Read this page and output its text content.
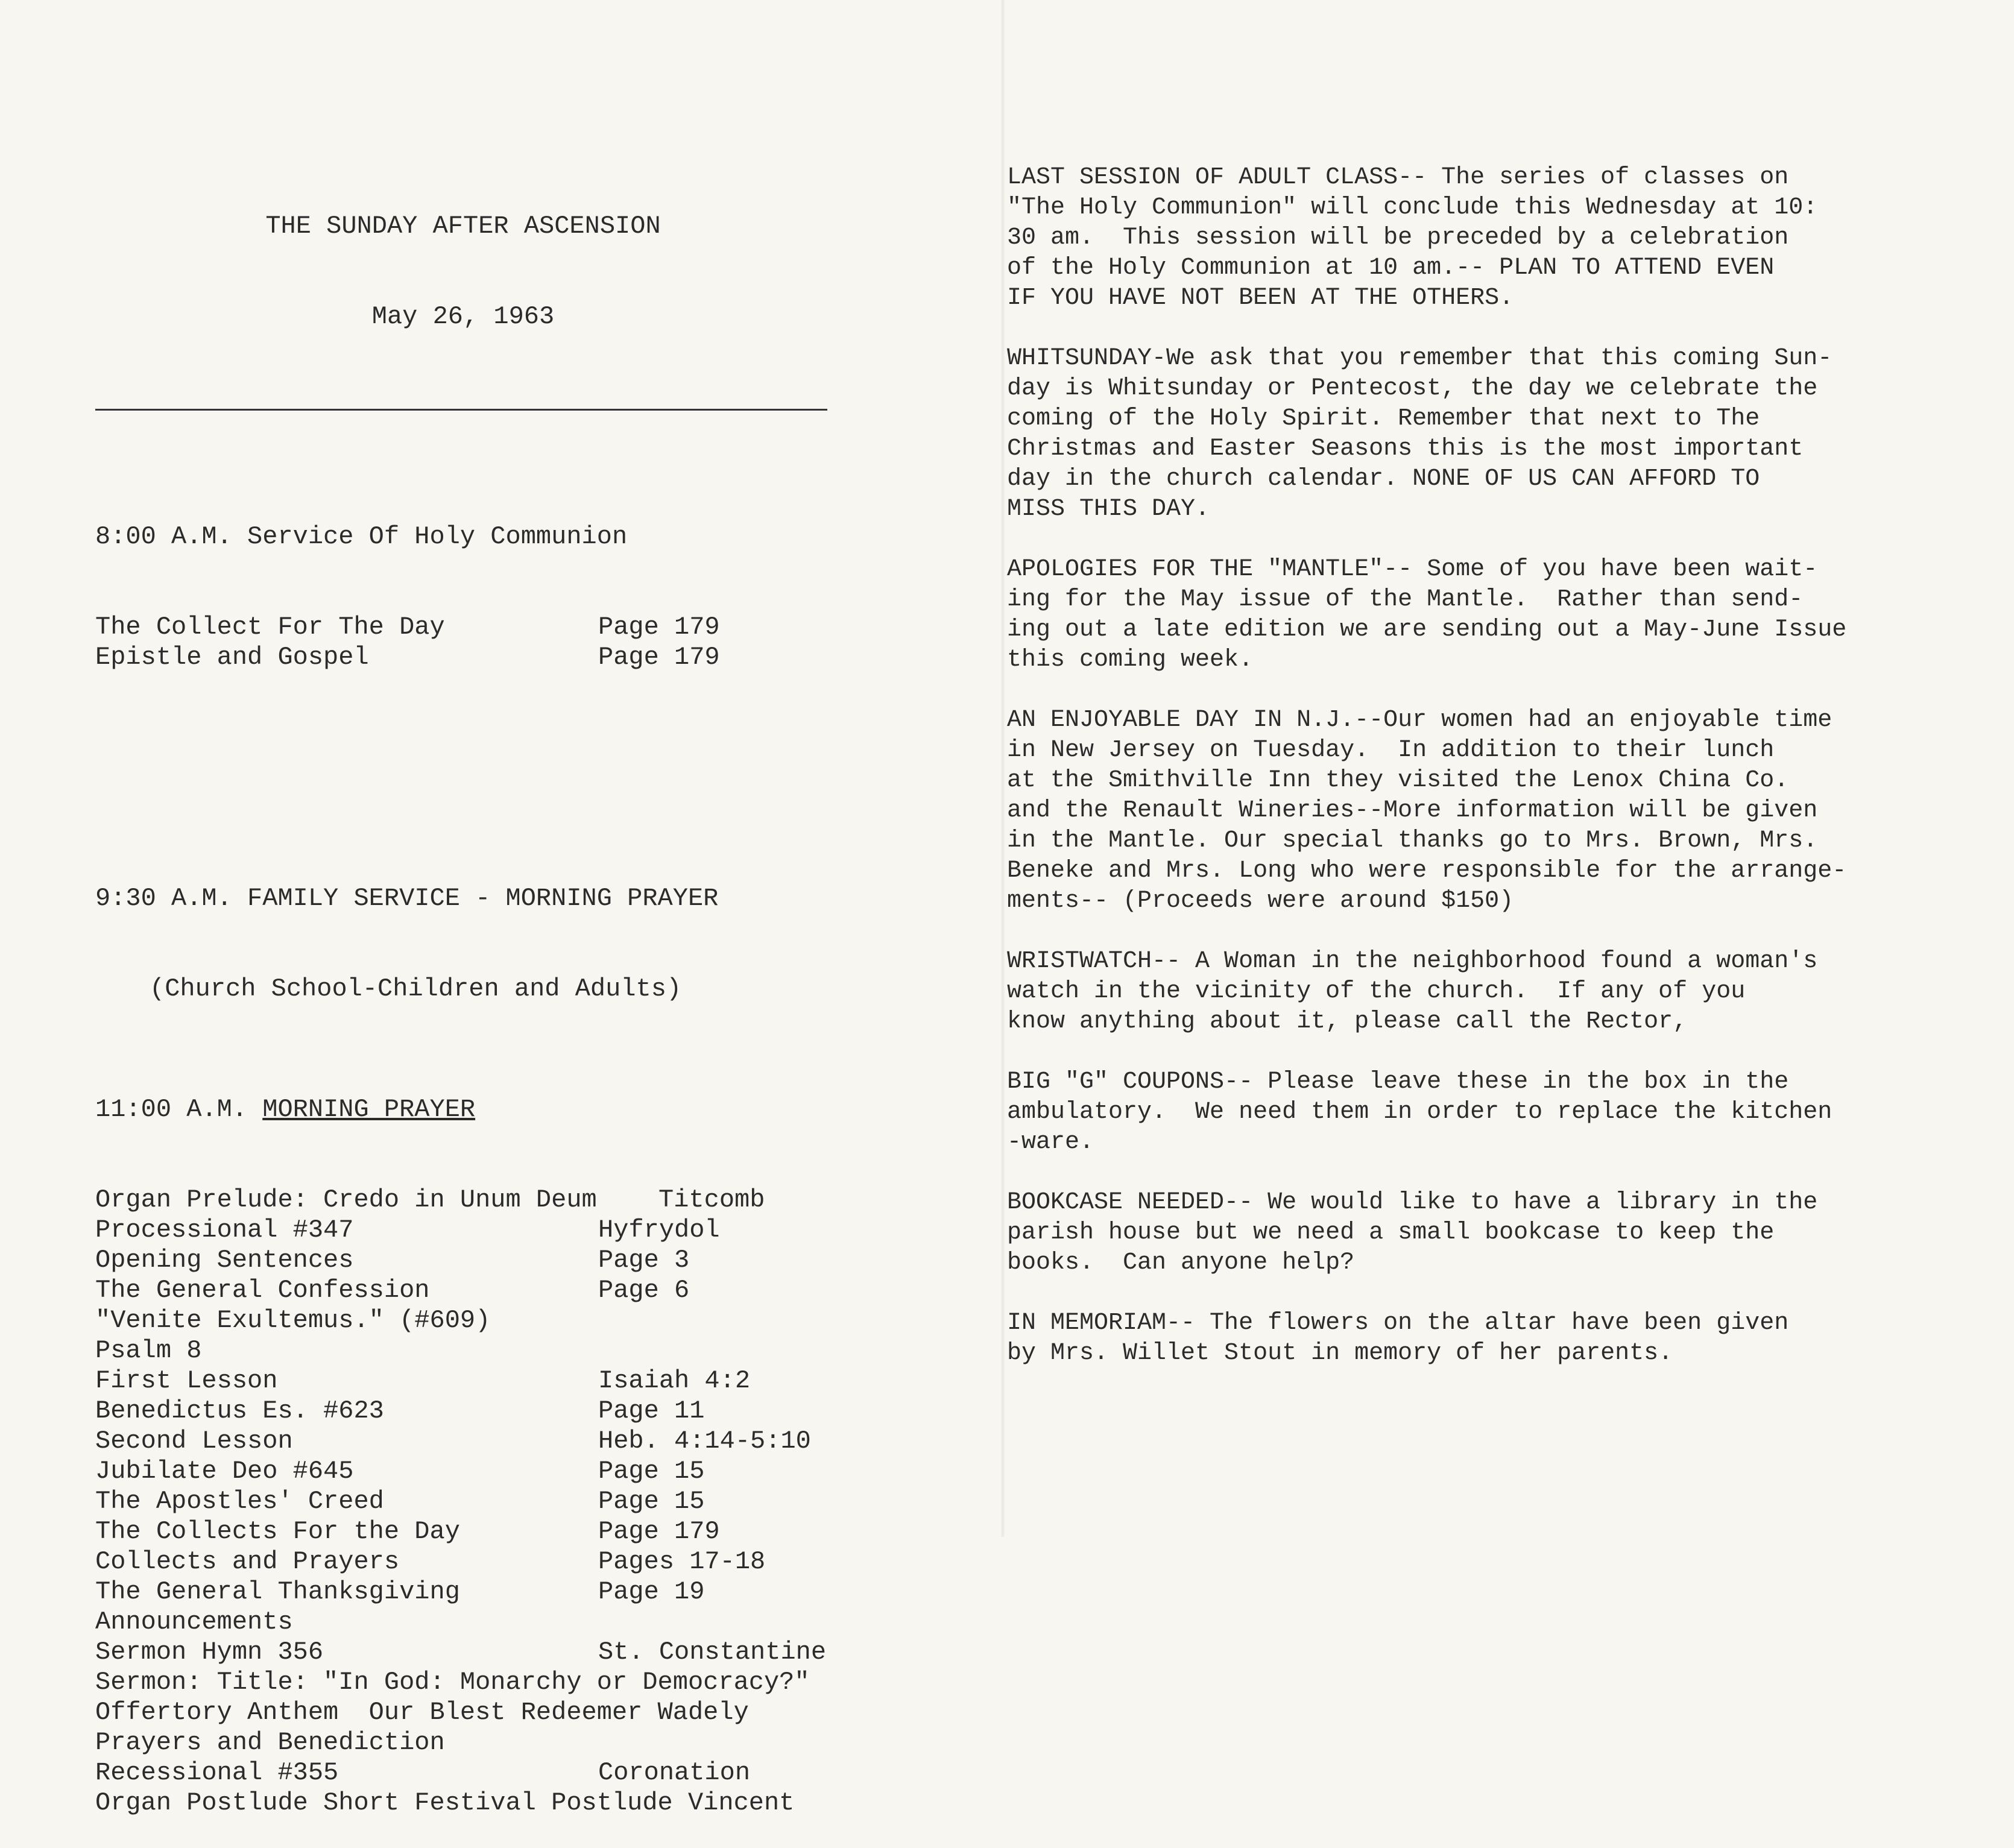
THE SUNDAY AFTER ASCENSION

May 26, 1963

8:00 A.M. Service Of Holy Communion

The Collect For The Day	Page 179
Epistle and Gospel	Page 179

9:30 A.M. FAMILY SERVICE - MORNING PRAYER

(Church School-Children and Adults)

11:00 A.M. MORNING PRAYER

Organ Prelude: Credo in Unum Deum	Titcomb
Processional #347	Hyfrydol
Opening Sentences	Page 3
The General Confession	Page 6
"Venite Exultemus." (#609)
Psalm 8
First Lesson	Isaiah 4:2
Benedictus Es. #623	Page 11
Second Lesson	Heb. 4:14-5:10
Jubilate Deo #645	Page 15
The Apostles' Creed	Page 15
The Collects For the Day	Page 179
Collects and Prayers	Pages 17-18
The General Thanksgiving	Page 19
Announcements
Sermon Hymn 356	St. Constantine
Sermon: Title: "In God: Monarchy or Democracy?"
Offertory Anthem  Our Blest Redeemer Wadely
Prayers and Benediction
Recessional #355	Coronation
Organ Postlude Short Festival Postlude Vincent

LAST SESSION OF ADULT CLASS-- The series of classes on
"The Holy Communion" will conclude this Wednesday at 10:
30 am.  This session will be preceded by a celebration
of the Holy Communion at 10 am.-- PLAN TO ATTEND EVEN
IF YOU HAVE NOT BEEN AT THE OTHERS.
WHITSUNDAY-We ask that you remember that this coming Sun-
day is Whitsunday or Pentecost, the day we celebrate the
coming of the Holy Spirit. Remember that next to The
Christmas and Easter Seasons this is the most important
day in the church calendar. NONE OF US CAN AFFORD TO
MISS THIS DAY.
APOLOGIES FOR THE "MANTLE"-- Some of you have been wait-
ing for the May issue of the Mantle.  Rather than send-
ing out a late edition we are sending out a May-June Issue
this coming week.
AN ENJOYABLE DAY IN N.J.--Our women had an enjoyable time
in New Jersey on Tuesday.  In addition to their lunch
at the Smithville Inn they visited the Lenox China Co.
and the Renault Wineries--More information will be given
in the Mantle. Our special thanks go to Mrs. Brown, Mrs.
Beneke and Mrs. Long who were responsible for the arrange-
ments-- (Proceeds were around $150)
WRISTWATCH-- A Woman in the neighborhood found a woman's
watch in the vicinity of the church.  If any of you
know anything about it, please call the Rector,
BIG "G" COUPONS-- Please leave these in the box in the
ambulatory.  We need them in order to replace the kitchen
-ware.
BOOKCASE NEEDED-- We would like to have a library in the
parish house but we need a small bookcase to keep the
books.  Can anyone help?
IN MEMORIAM-- The flowers on the altar have been given
by Mrs. Willet Stout in memory of her parents.
